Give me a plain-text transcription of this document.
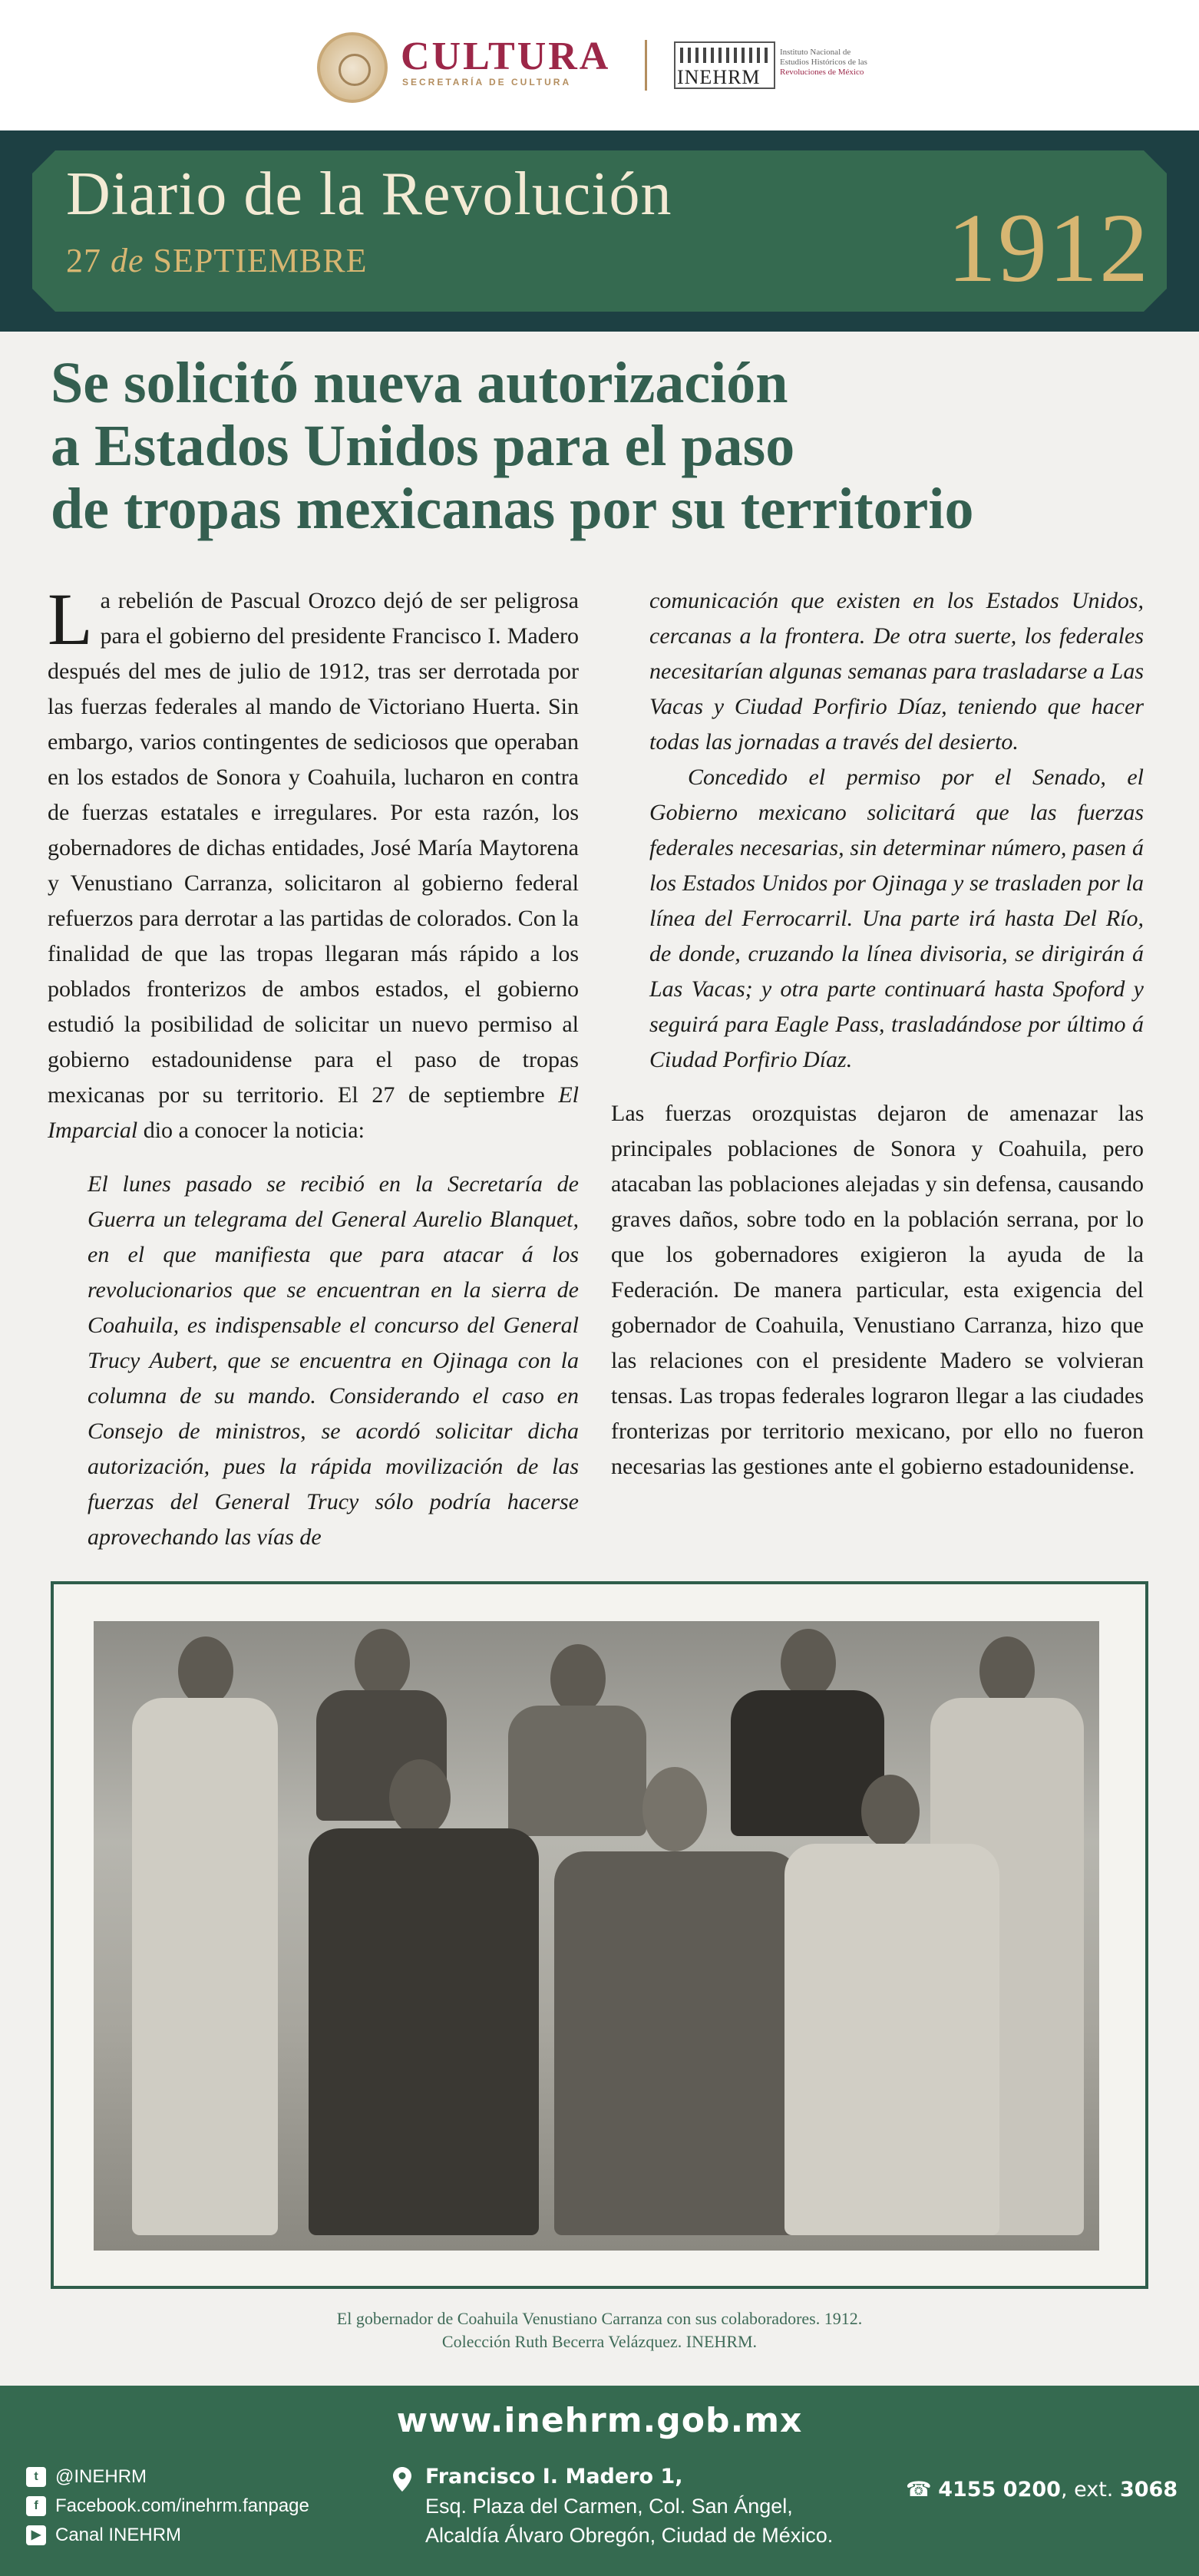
CULTURA
SECRETARÍA DE CULTURA	INEHRM
Instituto Nacional de
Estudios Históricos de las
Revoluciones de México
Diario de la Revolución
27 de SEPTIEMBRE	1912
Se solicitó nueva autorización
a Estados Unidos para el paso
de tropas mexicanas por su territorio

La rebelión de Pascual Orozco dejó de ser peligrosa para el gobierno del presidente Francisco I. Madero después del mes de julio de 1912, tras ser derrotada por las fuerzas federales al mando de Victoriano Huerta. Sin embargo, varios contingentes de sediciosos que operaban en los estados de Sonora y Coahuila, lucharon en contra de fuerzas estatales e irregulares. Por esta razón, los gobernadores de dichas entidades, José María Maytorena y Venustiano Carranza, solicitaron al gobierno federal refuerzos para derrotar a las partidas de colorados. Con la finalidad de que las tropas llegaran más rápido a los poblados fronterizos de ambos estados, el gobierno estudió la posibilidad de solicitar un nuevo permiso al gobierno estadounidense para el paso de tropas mexicanas por su territorio. El 27 de septiembre El Imparcial dio a conocer la noticia:

El lunes pasado se recibió en la Secretaría de Guerra un telegrama del General Aurelio Blanquet, en el que manifiesta que para atacar á los revolucionarios que se encuentran en la sierra de Coahuila, es indispensable el concurso del General Trucy Aubert, que se encuentra en Ojinaga con la columna de su mando. Considerando el caso en Consejo de ministros, se acordó solicitar dicha autorización, pues la rápida movilización de las fuerzas del General Trucy sólo podría hacerse aprovechando las vías de

comunicación que existen en los Estados Unidos, cercanas a la frontera. De otra suerte, los federales necesitarían algunas semanas para trasladarse a Las Vacas y Ciudad Porfirio Díaz, teniendo que hacer todas las jornadas a través del desierto.

Concedido el permiso por el Senado, el Gobierno mexicano solicitará que las fuerzas federales necesarias, sin determinar número, pasen á los Estados Unidos por Ojinaga y se trasladen por la línea del Ferrocarril. Una parte irá hasta Del Río, de donde, cruzando la línea divisoria, se dirigirán á Las Vacas; y otra parte continuará hasta Spoford y seguirá para Eagle Pass, trasladándose por último á Ciudad Porfirio Díaz.

Las fuerzas orozquistas dejaron de amenazar las principales poblaciones de Sonora y Coahuila, pero atacaban las poblaciones alejadas y sin defensa, causando graves daños, sobre todo en la población serrana, por lo que los gobernadores exigieron la ayuda de la Federación. De manera particular, esta exigencia del gobernador de Coahuila, Venustiano Carranza, hizo que las relaciones con el presidente Madero se volvieran tensas. Las tropas federales lograron llegar a las ciudades fronterizas por territorio mexicano, por ello no fueron necesarias las gestiones ante el gobierno estadounidense.

El gobernador de Coahuila Venustiano Carranza con sus colaboradores. 1912.
Colección Ruth Becerra Velázquez. INEHRM.
www.inehrm.gob.mx
t @INEHRM
f Facebook.com/inehrm.fanpage
▶ Canal INEHRM
Francisco I. Madero 1,
Esq. Plaza del Carmen, Col. San Ángel,
Alcaldía Álvaro Obregón, Ciudad de México.
☎ 4155 0200, ext. 3068
